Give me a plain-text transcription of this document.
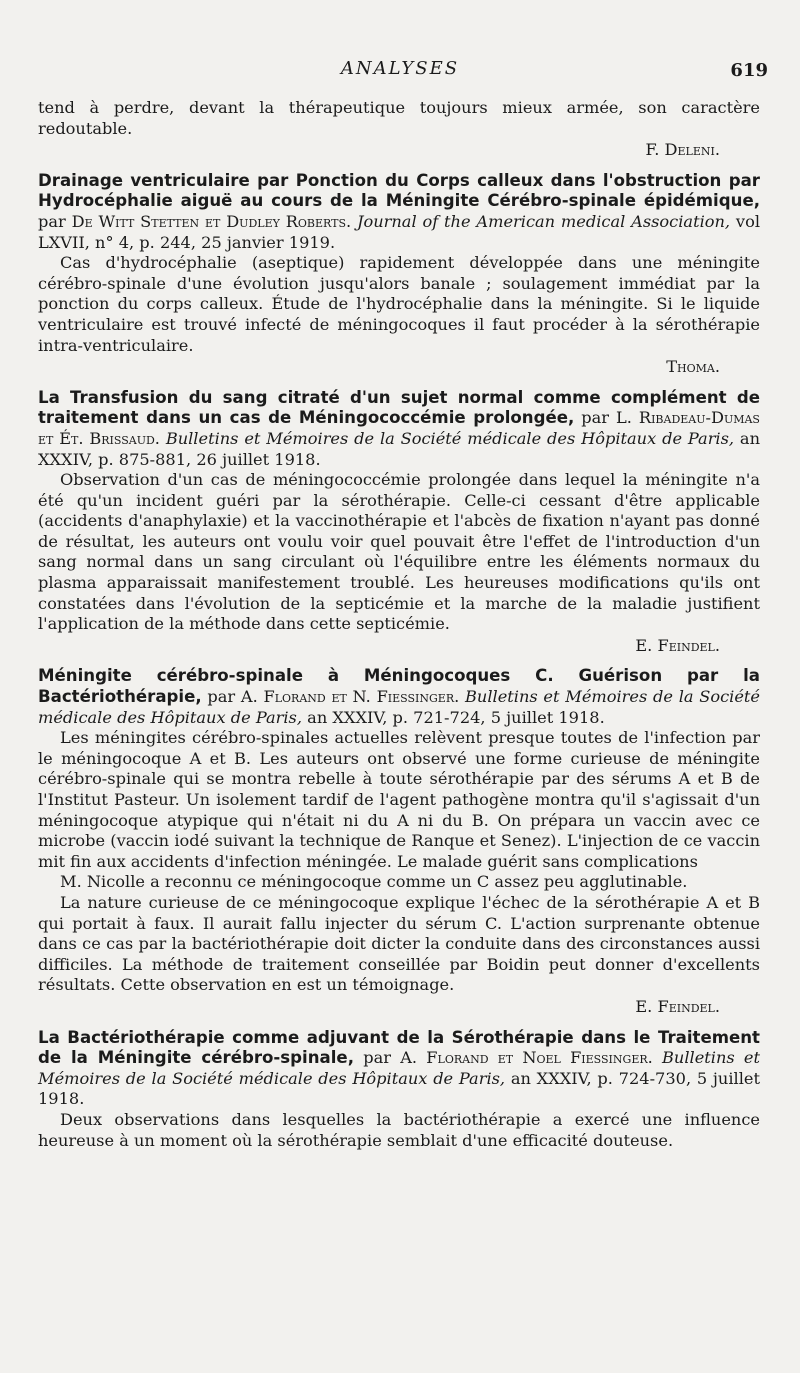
ANALYSES	619

tend à perdre, devant la thérapeutique toujours mieux armée, son caractère redoutable.

F. Deleni.

Drainage ventriculaire par Ponction du Corps calleux dans l'obstruction par Hydrocéphalie aiguë au cours de la Méningite Cérébro-spinale épidémique, par De Witt Stetten et Dudley Roberts. Journal of the American medical Association, vol LXVII, n° 4, p. 244, 25 janvier 1919.

Cas d'hydrocéphalie (aseptique) rapidement développée dans une méningite cérébro-spinale d'une évolution jusqu'alors banale ; soulagement immédiat par la ponction du corps calleux. Étude de l'hydrocéphalie dans la méningite. Si le liquide ventriculaire est trouvé infecté de méningocoques il faut procéder à la sérothérapie intra-ventriculaire.

Thoma.

La Transfusion du sang citraté d'un sujet normal comme complément de traitement dans un cas de Méningococcémie prolongée, par L. Ribadeau-Dumas et Ét. Brissaud. Bulletins et Mémoires de la Société médicale des Hôpitaux de Paris, an XXXIV, p. 875-881, 26 juillet 1918.

Observation d'un cas de méningococcémie prolongée dans lequel la méningite n'a été qu'un incident guéri par la sérothérapie. Celle-ci cessant d'être applicable (accidents d'anaphylaxie) et la vaccinothérapie et l'abcès de fixation n'ayant pas donné de résultat, les auteurs ont voulu voir quel pouvait être l'effet de l'introduction d'un sang normal dans un sang circulant où l'équilibre entre les éléments normaux du plasma apparaissait manifestement troublé. Les heureuses modifications qu'ils ont constatées dans l'évolution de la septicémie et la marche de la maladie justifient l'application de la méthode dans cette septicémie.

E. Feindel.

Méningite cérébro-spinale à Méningocoques C. Guérison par la Bactériothérapie, par A. Florand et N. Fiessinger. Bulletins et Mémoires de la Société médicale des Hôpitaux de Paris, an XXXIV, p. 721-724, 5 juillet 1918.

Les méningites cérébro-spinales actuelles relèvent presque toutes de l'infection par le méningocoque A et B. Les auteurs ont observé une forme curieuse de méningite cérébro-spinale qui se montra rebelle à toute sérothérapie par des sérums A et B de l'Institut Pasteur. Un isolement tardif de l'agent pathogène montra qu'il s'agissait d'un méningocoque atypique qui n'était ni du A ni du B. On prépara un vaccin avec ce microbe (vaccin iodé suivant la technique de Ranque et Senez). L'injection de ce vaccin mit fin aux accidents d'infection méningée. Le malade guérit sans complications

M. Nicolle a reconnu ce méningocoque comme un C assez peu agglutinable.

La nature curieuse de ce méningocoque explique l'échec de la sérothérapie A et B qui portait à faux. Il aurait fallu injecter du sérum C. L'action surprenante obtenue dans ce cas par la bactériothérapie doit dicter la conduite dans des circonstances aussi difficiles. La méthode de traitement conseillée par Boidin peut donner d'excellents résultats. Cette observation en est un témoignage.

E. Feindel.

La Bactériothérapie comme adjuvant de la Sérothérapie dans le Traitement de la Méningite cérébro-spinale, par A. Florand et Noel Fiessinger. Bulletins et Mémoires de la Société médicale des Hôpitaux de Paris, an XXXIV, p. 724-730, 5 juillet 1918.

Deux observations dans lesquelles la bactériothérapie a exercé une influence heureuse à un moment où la sérothérapie semblait d'une efficacité douteuse.
